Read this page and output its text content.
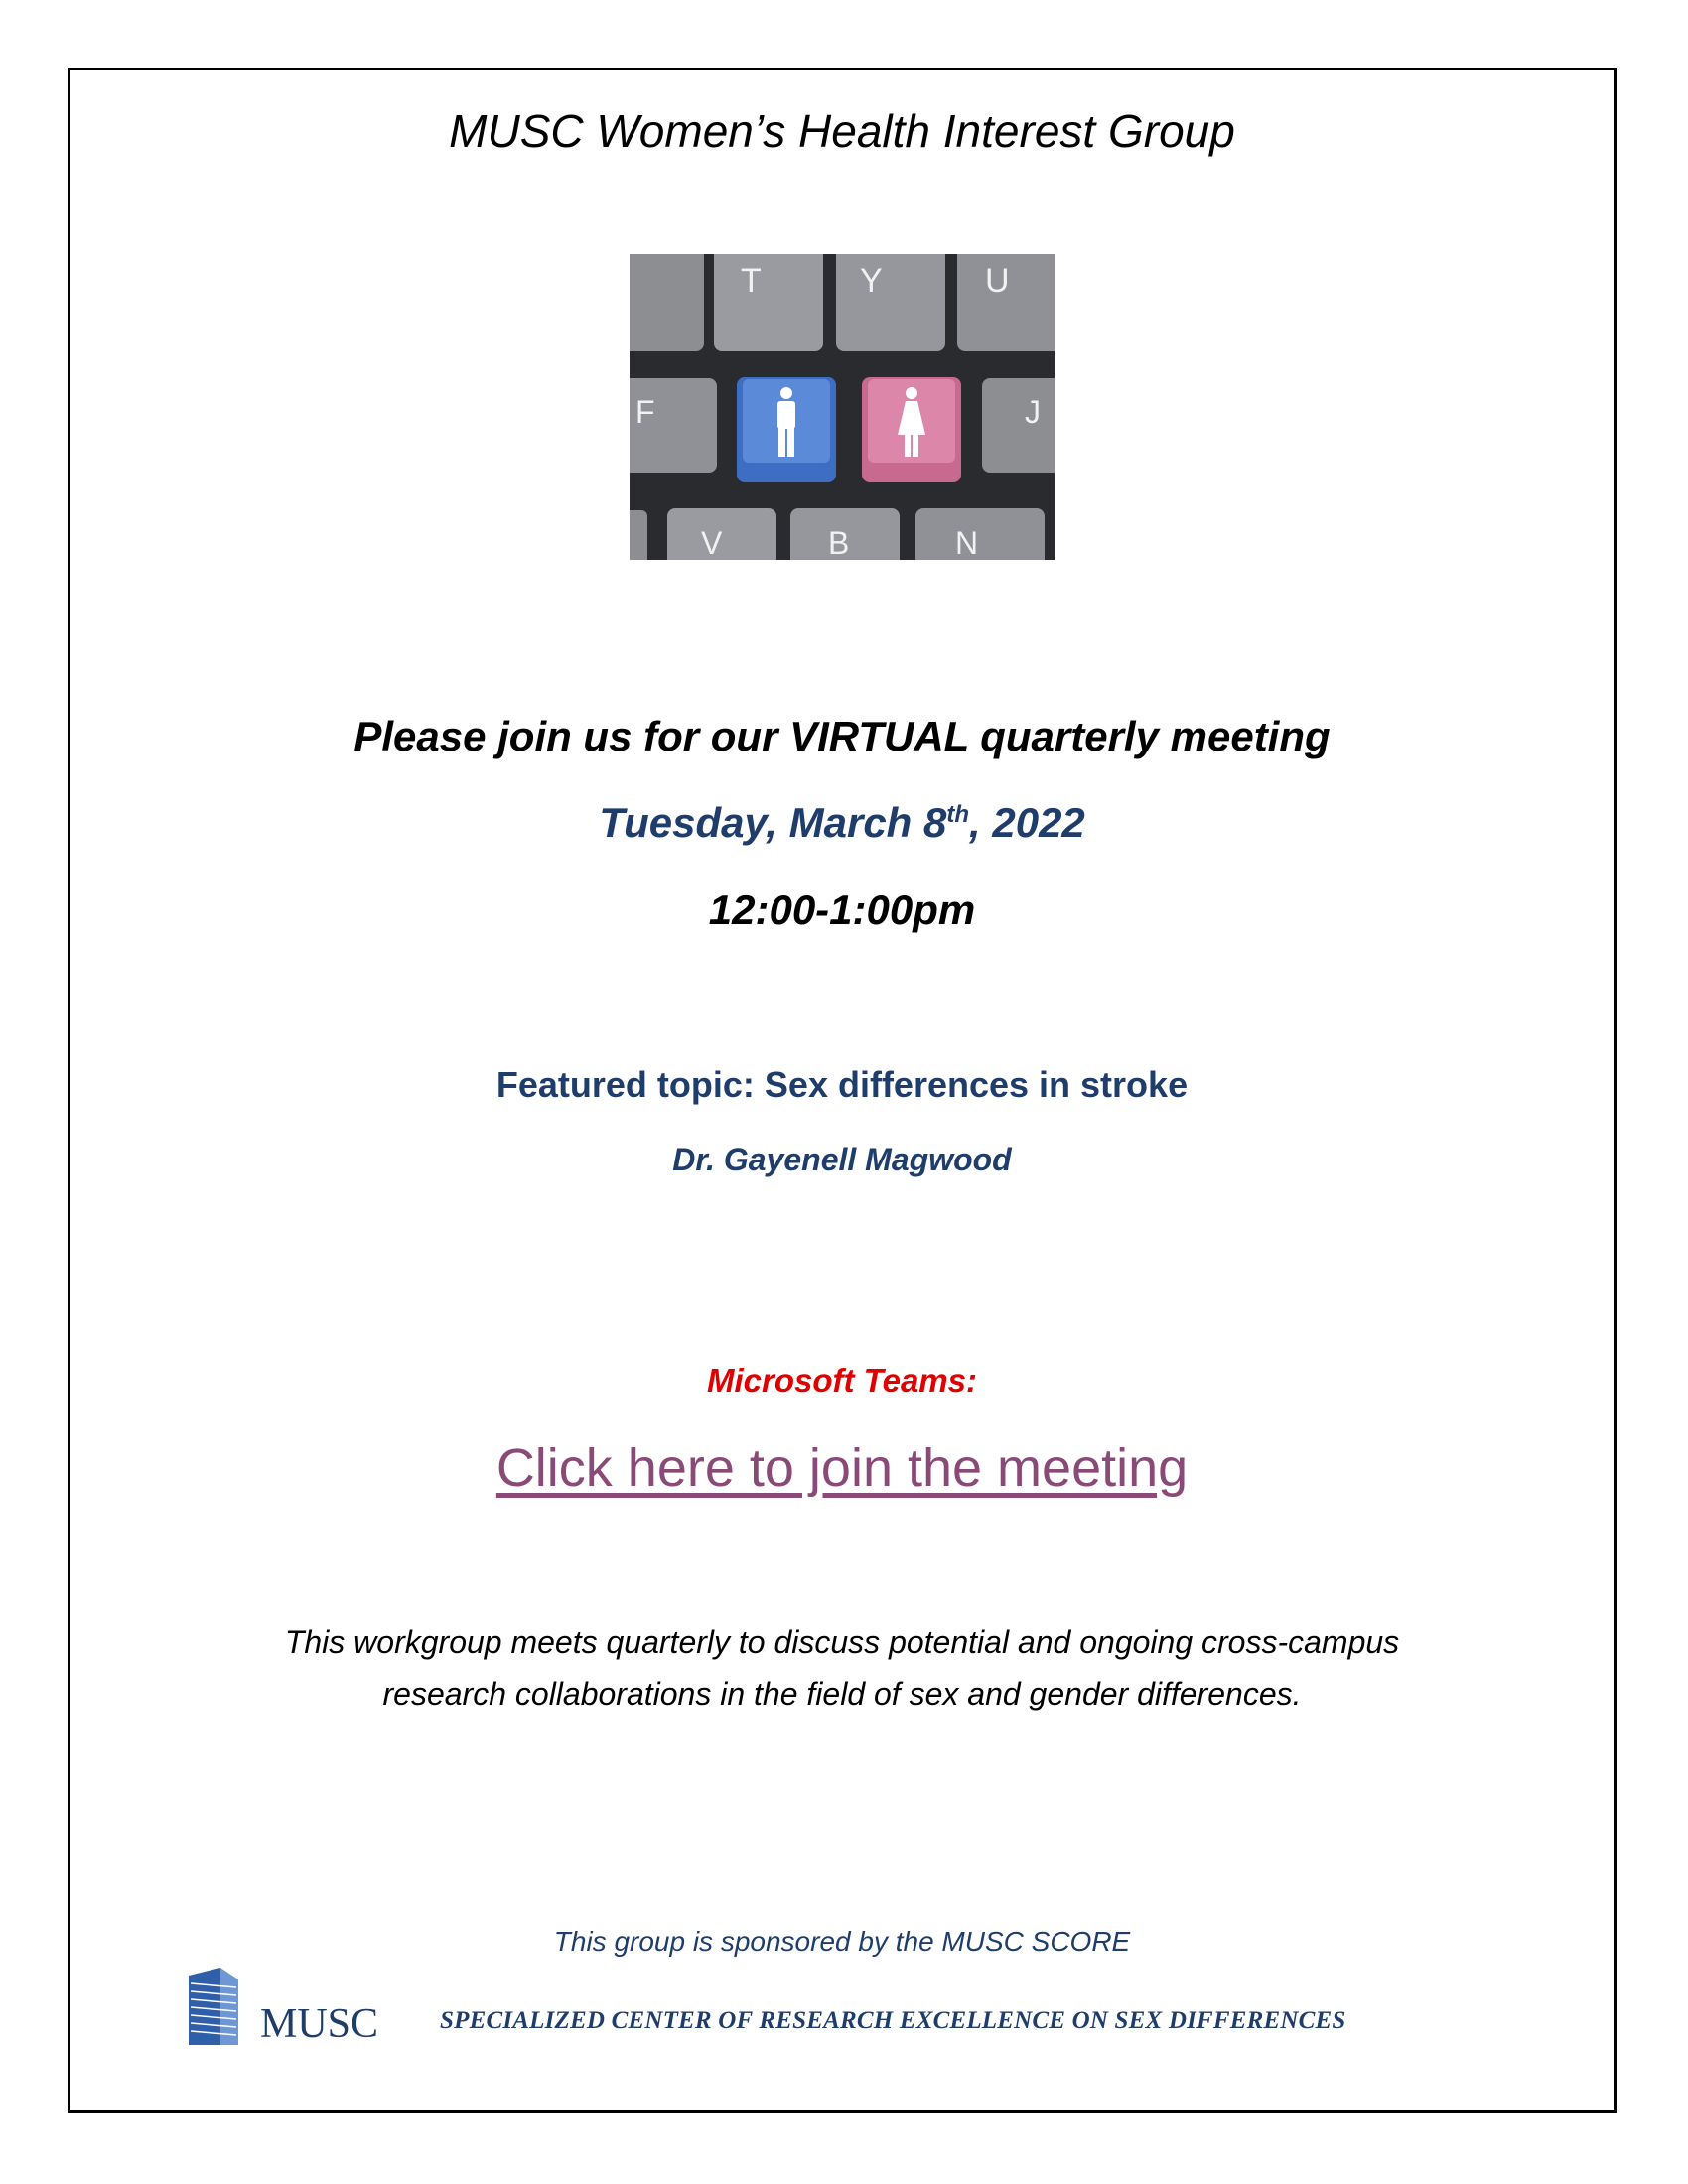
MUSC Women’s Health Interest Group
T	Y	U
F	J
V	B	N
Please join us for our VIRTUAL quarterly meeting
Tuesday, March 8th, 2022
12:00-1:00pm
Featured topic: Sex differences in stroke
Dr. Gayenell Magwood
Microsoft Teams:
Click here to join the meeting
This workgroup meets quarterly to discuss potential and ongoing cross-campus
research collaborations in the field of sex and gender differences.
This group is sponsored by the MUSC SCORE
MUSC SPECIALIZED CENTER OF RESEARCH EXCELLENCE ON SEX DIFFERENCES
